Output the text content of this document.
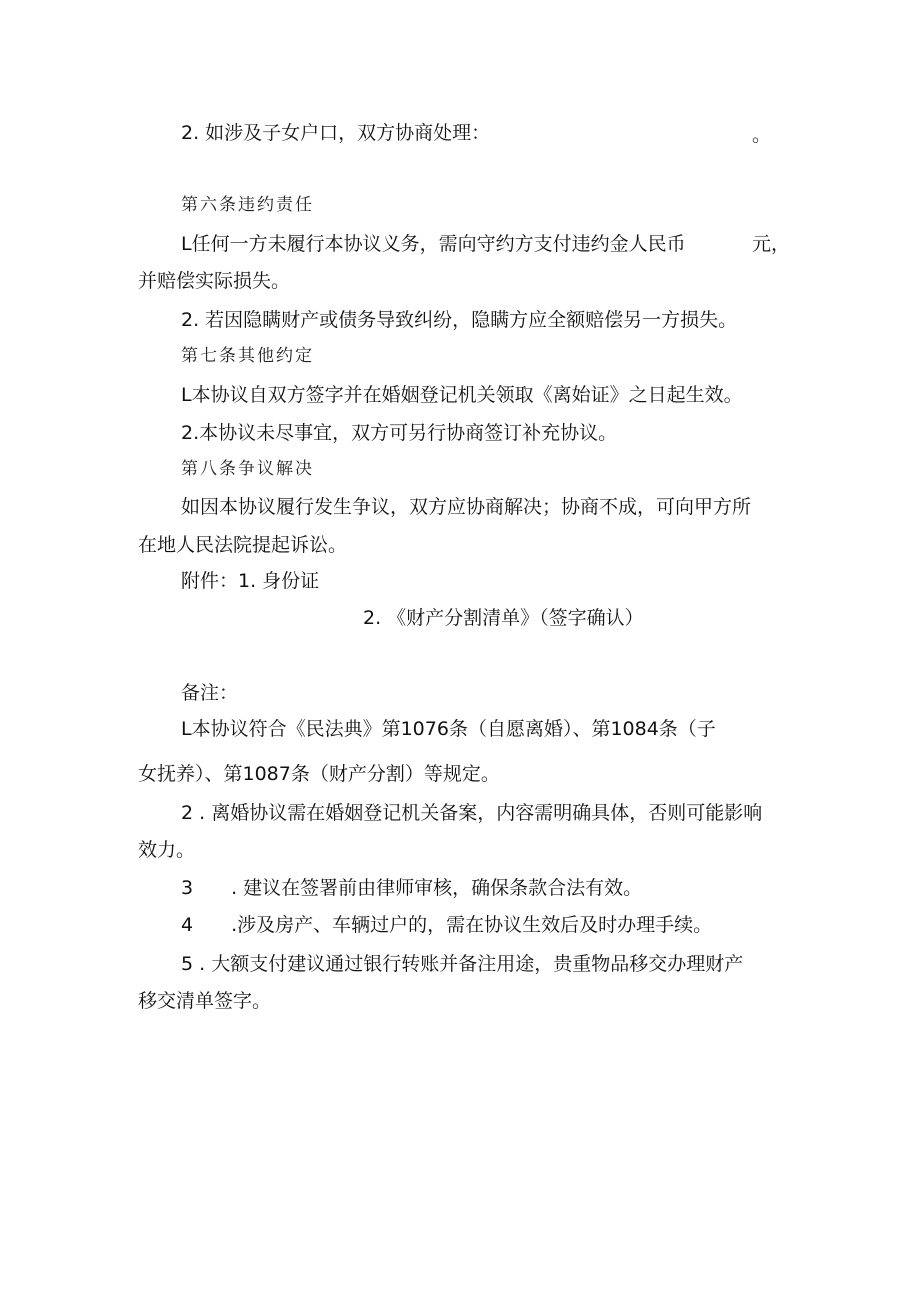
2. 如涉及子女户口，双方协商处理：	。
第六条违约责任
L任何一方未履行本协议义务，需向守约方支付违约金人民币	元，
并赔偿实际损失。
2. 若因隐瞒财产或债务导致纠纷，隐瞒方应全额赔偿另一方损失。
第七条其他约定
L本协议自双方签字并在婚姻登记机关领取《离始证》之日起生效。
2.本协议未尽事宜，双方可另行协商签订补充协议。
第八条争议解决
如因本协议履行发生争议，双方应协商解决；协商不成，可向甲方所
在地人民法院提起诉讼。
附件：1. 身份证
2. 《财产分割清单》（签字确认）
备注：
L本协议符合《民法典》第1076条（自愿离婚）、第1084条（子
女抚养）、第1087条（财产分割）等规定。
2 . 离婚协议需在婚姻登记机关备案，内容需明确具体，否则可能影响
效力。
3　　. 建议在签署前由律师审核，确保条款合法有效。
4　　.涉及房产、车辆过户的，需在协议生效后及时办理手续。
5 . 大额支付建议通过银行转账并备注用途，贵重物品移交办理财产
移交清单签字。
